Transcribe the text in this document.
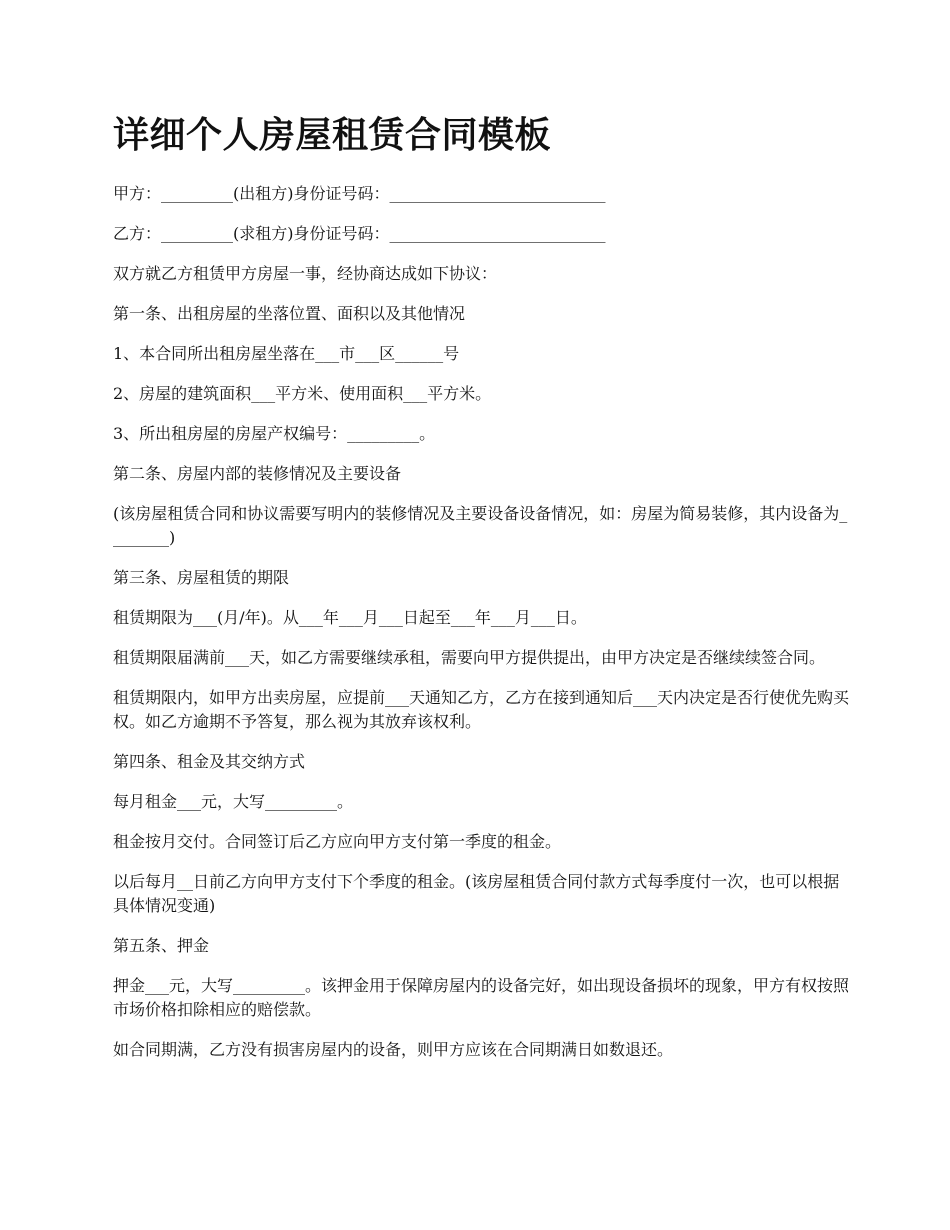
详细个人房屋租赁合同模板

甲方：_________(出租方)身份证号码：___________________________

乙方：_________(求租方)身份证号码：___________________________

双方就乙方租赁甲方房屋一事，经协商达成如下协议：

第一条、出租房屋的坐落位置、面积以及其他情况

1、本合同所出租房屋坐落在___市___区______号

2、房屋的建筑面积___平方米、使用面积___平方米。

3、所出租房屋的房屋产权编号：_________。

第二条、房屋内部的装修情况及主要设备

(该房屋租赁合同和协议需要写明内的装修情况及主要设备设备情况，如：房屋为简易装修，其内设备为________)

第三条、房屋租赁的期限

租赁期限为___(月/年)。从___年___月___日起至___年___月___日。

租赁期限届满前___天，如乙方需要继续承租，需要向甲方提供提出，由甲方决定是否继续续签合同。

租赁期限内，如甲方出卖房屋，应提前___天通知乙方，乙方在接到通知后___天内决定是否行使优先购买权。如乙方逾期不予答复，那么视为其放弃该权利。

第四条、租金及其交纳方式

每月租金___元，大写_________。

租金按月交付。合同签订后乙方应向甲方支付第一季度的租金。

以后每月__日前乙方向甲方支付下个季度的租金。(该房屋租赁合同付款方式每季度付一次，也可以根据具体情况变通)

第五条、押金

押金___元，大写_________。该押金用于保障房屋内的设备完好，如出现设备损坏的现象，甲方有权按照市场价格扣除相应的赔偿款。

如合同期满，乙方没有损害房屋内的设备，则甲方应该在合同期满日如数退还。
